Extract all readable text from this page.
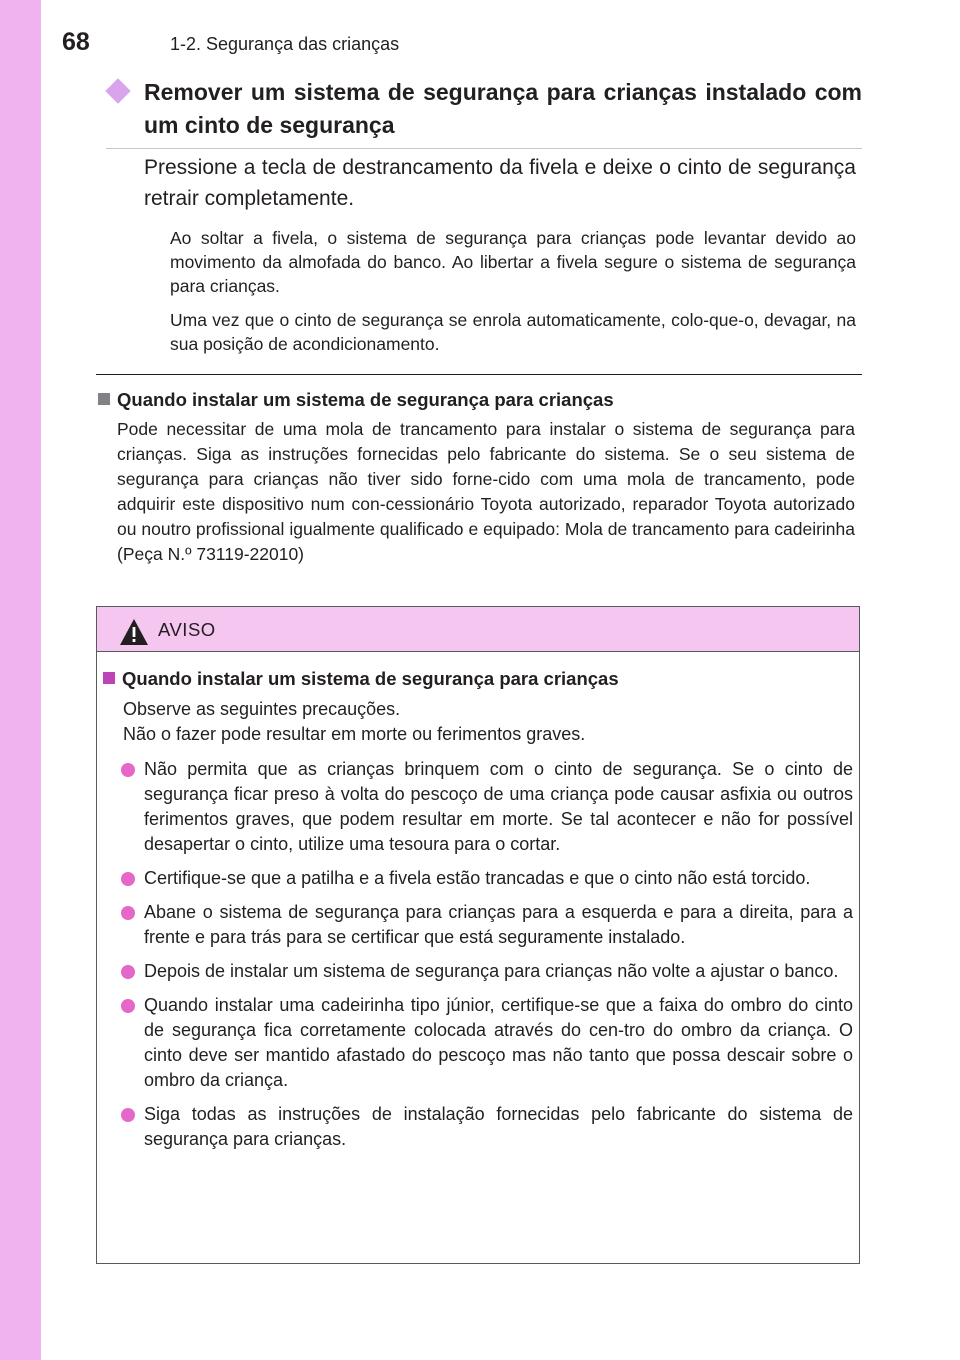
68	1-2. Segurança das crianças
Remover um sistema de segurança para crianças instalado com um cinto de segurança
Pressione a tecla de destrancamento da fivela e deixe o cinto de segurança retrair completamente.
Ao soltar a fivela, o sistema de segurança para crianças pode levantar devido ao movimento da almofada do banco. Ao libertar a fivela segure o sistema de segurança para crianças.
Uma vez que o cinto de segurança se enrola automaticamente, colo-que-o, devagar, na sua posição de acondicionamento.
Quando instalar um sistema de segurança para crianças
Pode necessitar de uma mola de trancamento para instalar o sistema de segurança para crianças. Siga as instruções fornecidas pelo fabricante do sistema. Se o seu sistema de segurança para crianças não tiver sido forne-cido com uma mola de trancamento, pode adquirir este dispositivo num con-cessionário Toyota autorizado, reparador Toyota autorizado ou noutro profissional igualmente qualificado e equipado: Mola de trancamento para cadeirinha (Peça N.º 73119-22010)
AVISO
Quando instalar um sistema de segurança para crianças
Observe as seguintes precauções.
Não o fazer pode resultar em morte ou ferimentos graves.
Não permita que as crianças brinquem com o cinto de segurança. Se o cinto de segurança ficar preso à volta do pescoço de uma criança pode causar asfixia ou outros ferimentos graves, que podem resultar em morte. Se tal acontecer e não for possível desapertar o cinto, utilize uma tesoura para o cortar.
Certifique-se que a patilha e a fivela estão trancadas e que o cinto não está torcido.
Abane o sistema de segurança para crianças para a esquerda e para a direita, para a frente e para trás para se certificar que está seguramente instalado.
Depois de instalar um sistema de segurança para crianças não volte a ajustar o banco.
Quando instalar uma cadeirinha tipo júnior, certifique-se que a faixa do ombro do cinto de segurança fica corretamente colocada através do cen-tro do ombro da criança. O cinto deve ser mantido afastado do pescoço mas não tanto que possa descair sobre o ombro da criança.
Siga todas as instruções de instalação fornecidas pelo fabricante do sistema de segurança para crianças.
